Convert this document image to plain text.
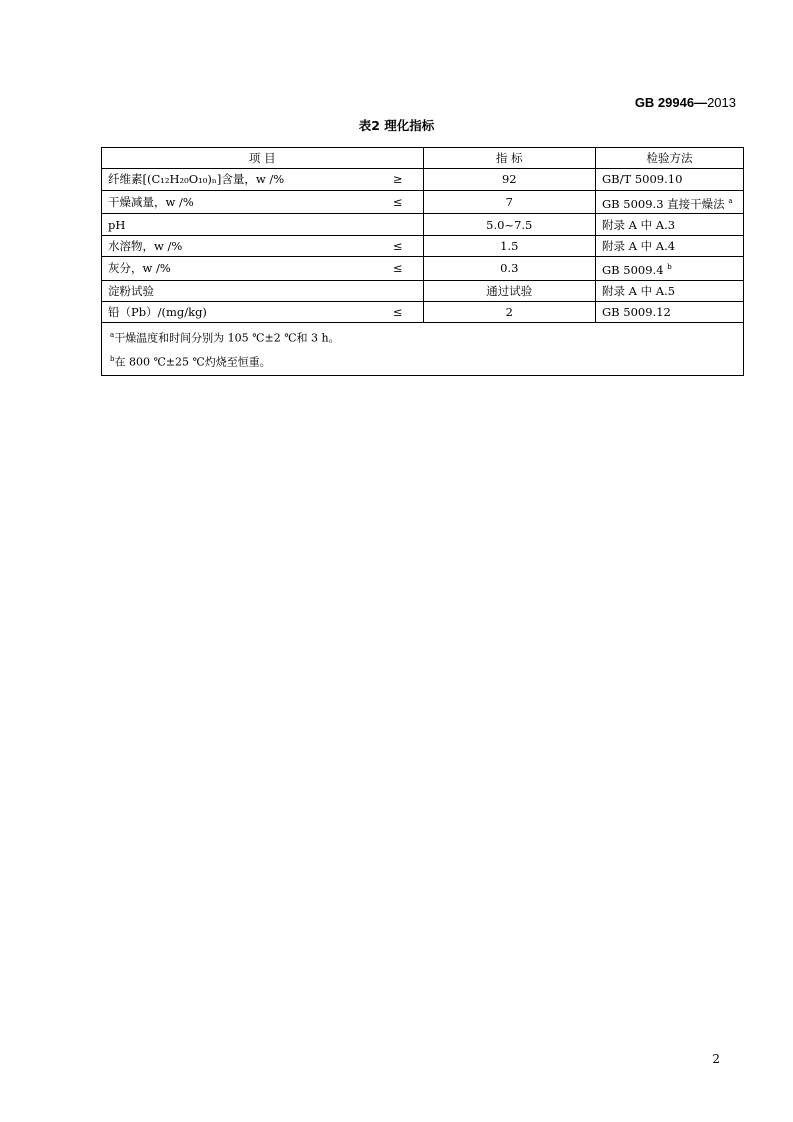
GB 29946—2013
表2 理化指标
项 目	指 标	检验方法

纤维素[(C₁₂H₂₀O₁₀)ₙ]含量，w /% ≥	92	GB/T 5009.10

干燥减量，w /% ≤	7	GB 5009.3 直接干燥法 $^a$

pH	5.0~7.5	附录 A 中 A.3

水溶物，w /% ≤	1.5	附录 A 中 A.4

灰分，w /% ≤	0.3	GB 5009.4 $^b$

淀粉试验	通过试验	附录 A 中 A.5

铅（Pb）/(mg/kg) ≤	2	GB 5009.12

$^a$干燥温度和时间分别为 105 ℃±2 ℃和 3 h。
$^b$在 800 ℃±25 ℃灼烧至恒重。		
2
